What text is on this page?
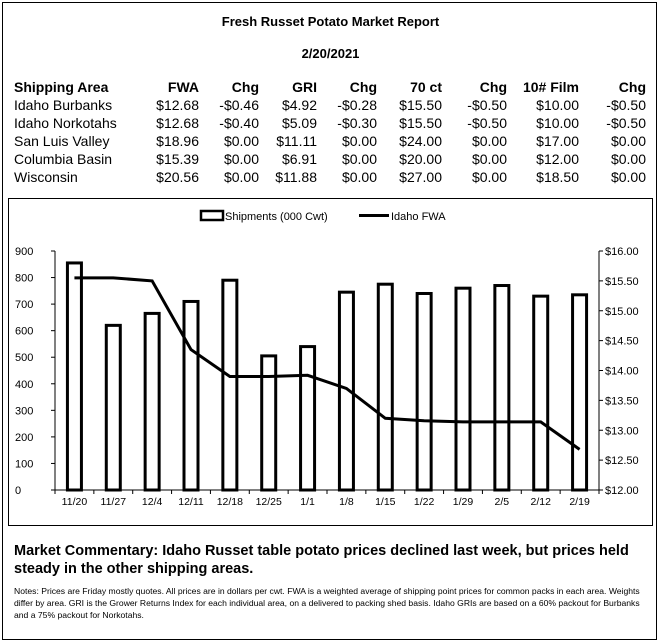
Fresh Russet Potato Market Report
2/20/2021
Shipping Area	FWA	Chg	GRI	Chg	70 ct	Chg	10# Film	Chg
Idaho Burbanks	$12.68	-$0.46	$4.92	-$0.28	$15.50	-$0.50	$10.00	-$0.50
Idaho Norkotahs	$12.68	-$0.40	$5.09	-$0.30	$15.50	-$0.50	$10.00	-$0.50
San Luis Valley	$18.96	$0.00	$11.11	$0.00	$24.00	$0.00	$17.00	$0.00
Columbia Basin	$15.39	$0.00	$6.91	$0.00	$20.00	$0.00	$12.00	$0.00
Wisconsin	$20.56	$0.00	$11.88	$0.00	$27.00	$0.00	$18.50	$0.00
0
100
200
300
400
500
600
700
800
900
$12.00
$12.50
$13.00
$13.50
$14.00
$14.50
$15.00
$15.50
$16.00
11/20 11/27 12/4 12/11 12/18 12/25 1/1 1/8 1/15 1/22 1/29 2/5 2/12 2/19
Shipments (000 Cwt)	Idaho FWA
Market Commentary: Idaho Russet table potato prices declined last week, but prices held steady in the other shipping areas.
Notes: Prices are Friday mostly quotes. All prices are in dollars per cwt. FWA is a weighted average of shipping point prices for common packs in each area. Weights differ by area. GRI is the Grower Returns Index for each individual area, on a delivered to packing shed basis. Idaho GRIs are based on a 60% packout for Burbanks and a 75% packout for Norkotahs.
